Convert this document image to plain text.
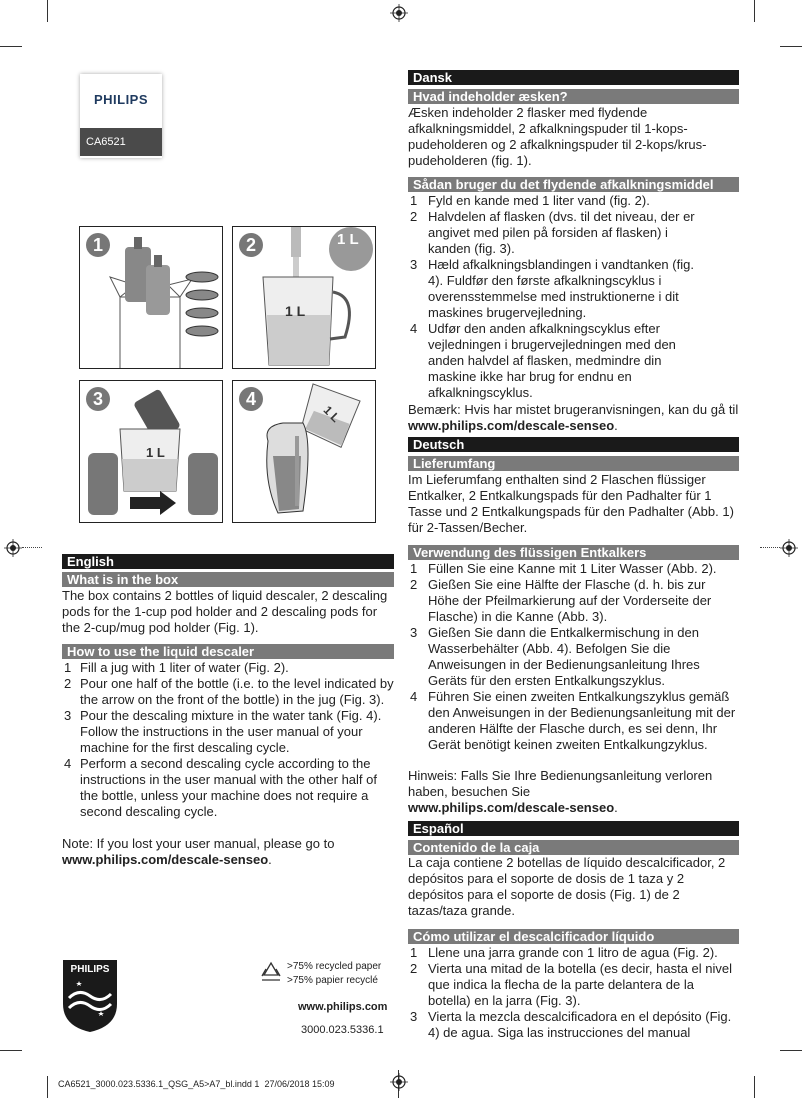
PHILIPS
CA6521
1	2	1 L
1 L
3
1 L
4
1 L
English
What is in the box
The box contains 2 bottles of liquid descaler, 2 descaling pods for the 1-cup pod holder and 2 descaling pods for the 2-cup/mug pod holder (Fig. 1).
How to use the liquid descaler
1 Fill a jug with 1 liter of water (Fig. 2).
2 Pour one half of the bottle (i.e. to the level indicated by the arrow on the front of the bottle) in the jug (Fig. 3).
3 Pour the descaling mixture in the water tank (Fig. 4). Follow the instructions in the user manual of your machine for the first descaling cycle.
4 Perform a second descaling cycle according to the instructions in the user manual with the other half of the bottle, unless your machine does not require a second descaling cycle.
Note: If you lost your user manual, please go to
www.philips.com/descale-senseo.
Dansk
Hvad indeholder æsken?
Æsken indeholder 2 flasker med flydende afkalkningsmiddel, 2 afkalkningspuder til 1-kops-pudeholderen og 2 afkalkningspuder til 2-kops/krus-pudeholderen (fig. 1).
Sådan bruger du det flydende afkalkningsmiddel
1 Fyld en kande med 1 liter vand (fig. 2).
2 Halvdelen af flasken (dvs. til det niveau, der er angivet med pilen på forsiden af flasken) i kanden (fig. 3).
3 Hæld afkalkningsblandingen i vandtanken (fig. 4). Fuldfør den første afkalkningscyklus i overensstemmelse med instruktionerne i dit maskines brugervejledning.
4 Udfør den anden afkalkningscyklus efter vejledningen i brugervejledningen med den anden halvdel af flasken, medmindre din maskine ikke har brug for endnu en afkalkningscyklus.
Bemærk: Hvis har mistet brugeranvisningen, kan du gå til www.philips.com/descale-senseo.
Deutsch
Lieferumfang
Im Lieferumfang enthalten sind 2 Flaschen flüssiger Entkalker, 2 Entkalkungspads für den Padhalter für 1 Tasse und 2 Entkalkungspads für den Padhalter (Abb. 1) für 2-Tassen/Becher.
Verwendung des flüssigen Entkalkers
1 Füllen Sie eine Kanne mit 1 Liter Wasser (Abb. 2).
2 Gießen Sie eine Hälfte der Flasche (d. h. bis zur Höhe der Pfeilmarkierung auf der Vorderseite der Flasche) in die Kanne (Abb. 3).
3 Gießen Sie dann die Entkalkermischung in den Wasserbehälter (Abb. 4). Befolgen Sie die Anweisungen in der Bedienungsanleitung Ihres Geräts für den ersten Entkalkungszyklus.
4 Führen Sie einen zweiten Entkalkungszyklus gemäß den Anweisungen in der Bedienungsanleitung mit der anderen Hälfte der Flasche durch, es sei denn, Ihr Gerät benötigt keinen zweiten Entkalkungzyklus.
Hinweis: Falls Sie Ihre Bedienungsanleitung verloren haben, besuchen Sie
www.philips.com/descale-senseo.
Español
Contenido de la caja
La caja contiene 2 botellas de líquido descalcificador, 2 depósitos para el soporte de dosis de 1 taza y 2 depósitos para el soporte de dosis (Fig. 1) de 2 tazas/taza grande.
Cómo utilizar el descalcificador líquido
1 Llene una jarra grande con 1 litro de agua (Fig. 2).
2 Vierta una mitad de la botella (es decir, hasta el nivel que indica la flecha de la parte delantera de la botella) en la jarra (Fig. 3).
3 Vierta la mezcla descalcificadora en el depósito (Fig. 4) de agua. Siga las instrucciones del manual
PHILIPS	>75% recycled paper
>75% papier recyclé
www.philips.com
3000.023.5336.1
CA6521_3000.023.5336.1_QSG_A5>A7_bl.indd 1 27/06/2018 15:09
